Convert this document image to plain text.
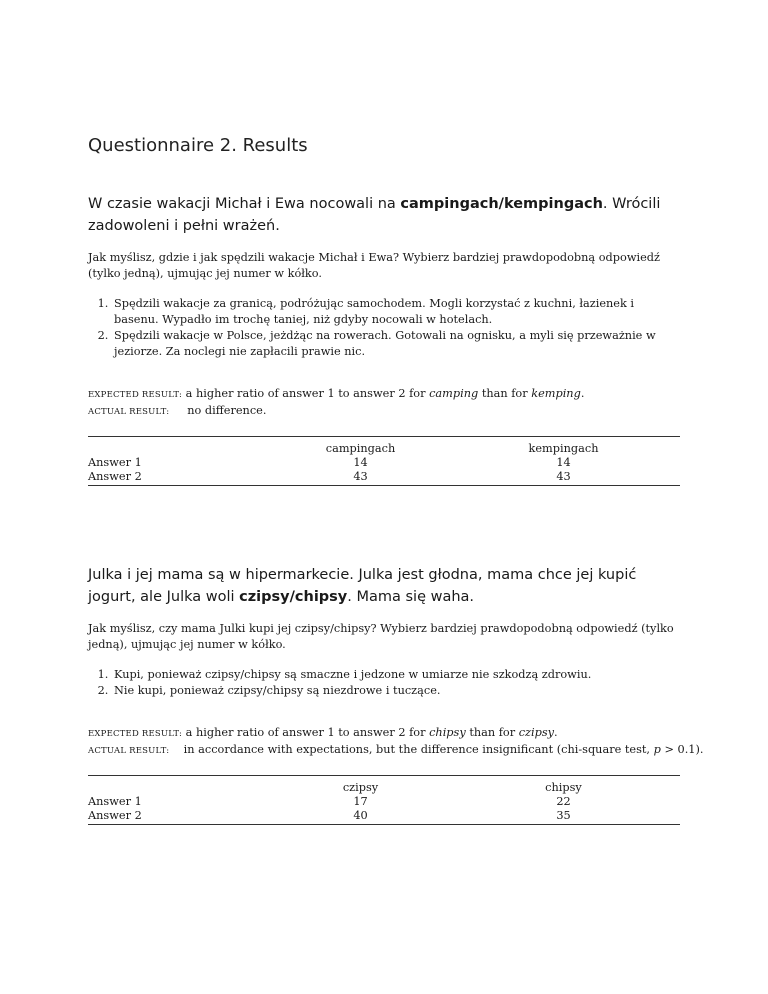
Questionnaire 2. Results

W czasie wakacji Michał i Ewa nocowali na campingach/kempingach. Wrócili zadowoleni i pełni wrażeń.

Jak myślisz, gdzie i jak spędzili wakacje Michał i Ewa? Wybierz bardziej prawdopodobną odpowiedź (tylko jedną), ujmując jej numer w kółko.

1. Spędzili wakacje za granicą, podróżując samochodem. Mogli korzystać z kuchni, łazienek i basenu. Wypadło im trochę taniej, niż gdyby nocowali w hotelach.
2. Spędzili wakacje w Polsce, jeżdżąc na rowerach. Gotowali na ognisku, a myli się przeważnie w jeziorze. Za noclegi nie zapłacili prawie nic.
EXPECTED RESULT: a higher ratio of answer 1 to answer 2 for camping than for kemping.
ACTUAL RESULT: no difference.
	campingach	kempingach
Answer 1	14	14
Answer 2	43	43

Julka i jej mama są w hipermarkecie. Julka jest głodna, mama chce jej kupić jogurt, ale Julka woli czipsy/chipsy. Mama się waha.

Jak myślisz, czy mama Julki kupi jej czipsy/chipsy? Wybierz bardziej prawdopodobną odpowiedź (tylko jedną), ujmując jej numer w kółko.

1. Kupi, ponieważ czipsy/chipsy są smaczne i jedzone w umiarze nie szkodzą zdrowiu.
2. Nie kupi, ponieważ czipsy/chipsy są niezdrowe i tuczące.
EXPECTED RESULT: a higher ratio of answer 1 to answer 2 for chipsy than for czipsy.
ACTUAL RESULT: in accordance with expectations, but the difference insignificant (chi-square test, p > 0.1).
	czipsy	chipsy
Answer 1	17	22
Answer 2	40	35
